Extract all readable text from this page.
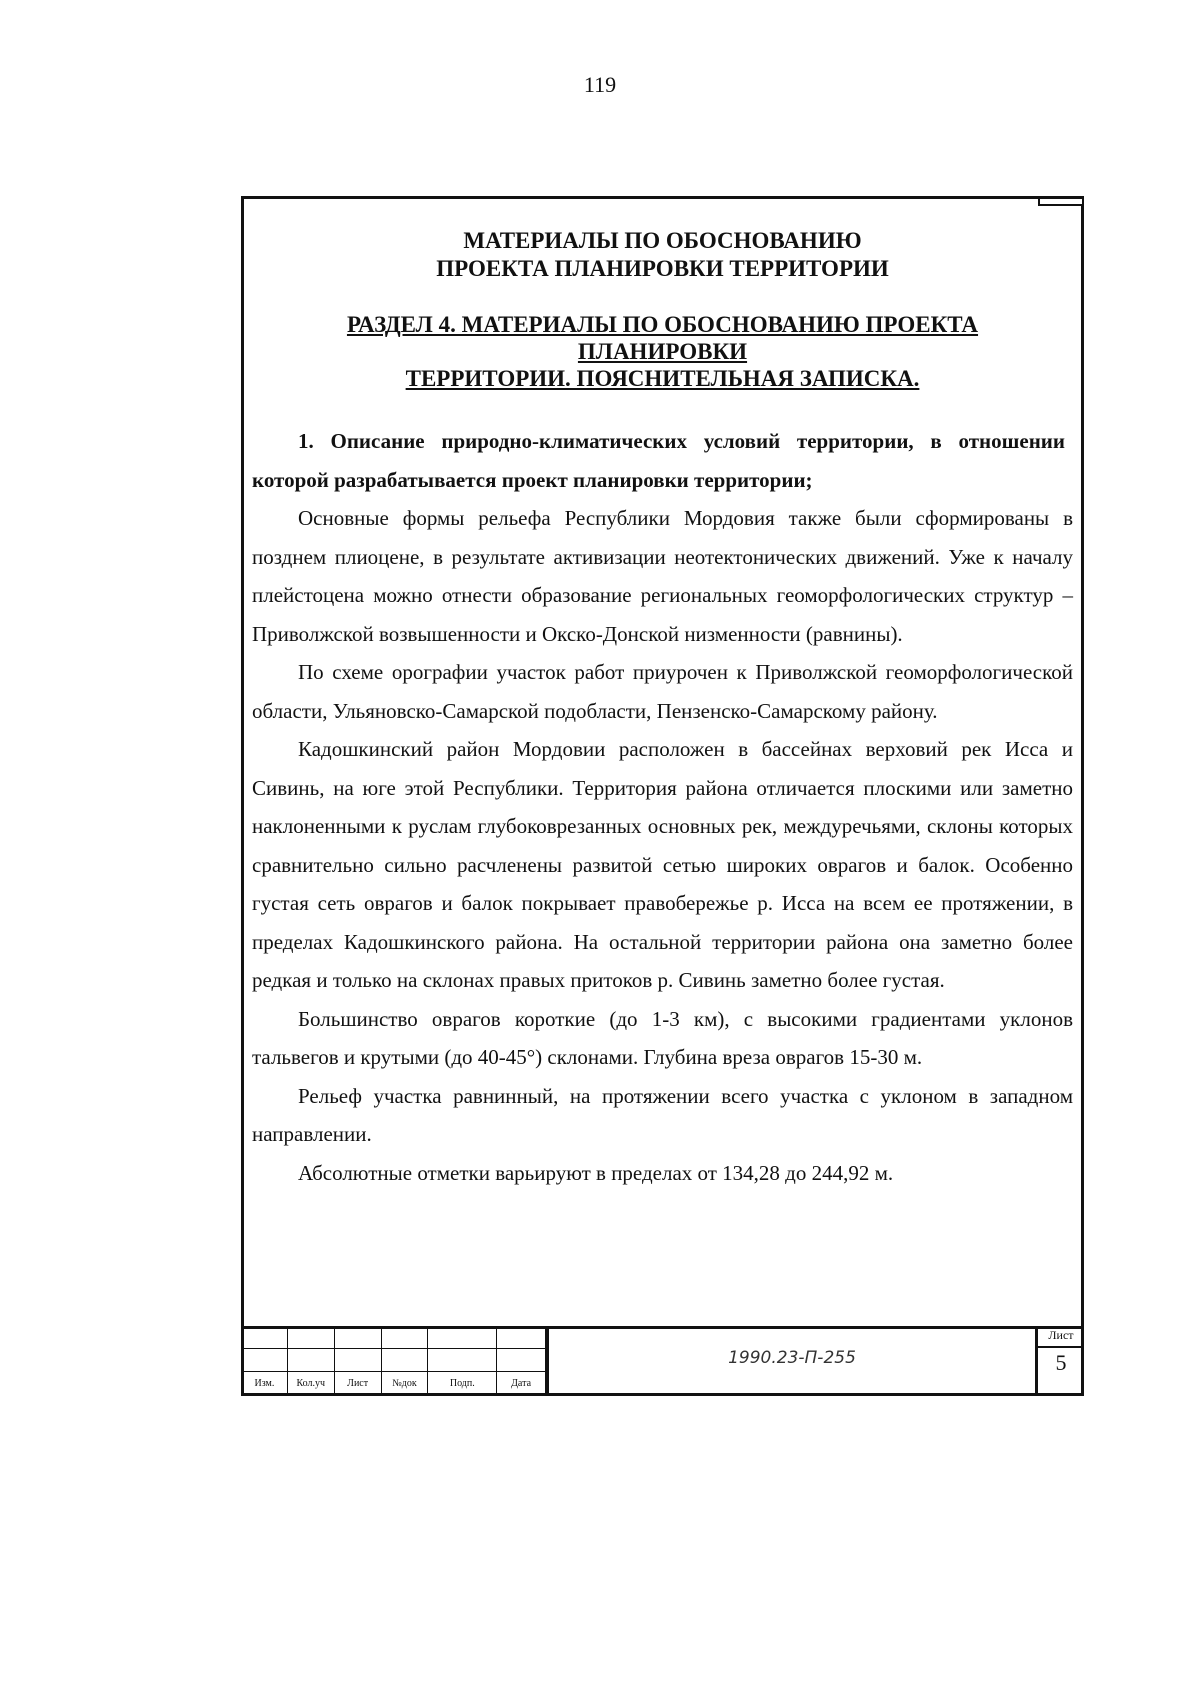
119
МАТЕРИАЛЫ ПО ОБОСНОВАНИЮ
ПРОЕКТА ПЛАНИРОВКИ ТЕРРИТОРИИ
РАЗДЕЛ 4. МАТЕРИАЛЫ ПО ОБОСНОВАНИЮ ПРОЕКТА ПЛАНИРОВКИ
ТЕРРИТОРИИ. ПОЯСНИТЕЛЬНАЯ ЗАПИСКА.

1. Описание природно-климатических условий территории, в отношении которой разрабатывается проект планировки территории;

Основные формы рельефа Республики Мордовия также были сформированы в позднем плиоцене, в результате активизации неотектонических движений. Уже к началу плейстоцена можно отнести образование региональных геоморфологических структур – Приволжской возвышенности и Окско-Донской низменности (равнины).

По схеме орографии участок работ приурочен к Приволжской геоморфологической области, Ульяновско-Самарской подобласти, Пензенско-Самарскому району.

Кадошкинский район Мордовии расположен в бассейнах верховий рек Исса и Сивинь, на юге этой Республики. Территория района отличается плоскими или заметно наклоненными к руслам глубоковрезанных основных рек, междуречьями, склоны которых сравнительно сильно расчленены развитой сетью широких оврагов и балок. Особенно густая сеть оврагов и балок покрывает правобережье р. Исса на всем ее протяжении, в пределах Кадошкинского района. На остальной территории района она заметно более редкая и только на склонах правых притоков р. Сивинь заметно более густая.

Большинство оврагов короткие (до 1-3 км), с высокими градиентами уклонов тальвегов и крутыми (до 40-45°) склонами. Глубина вреза оврагов 15-30 м.

Рельеф участка равнинный, на протяжении всего участка с уклоном в западном направлении.

Абсолютные отметки варьируют в пределах от 134,28 до 244,92 м.

Изм.	Кол.уч	Лист	№док	Подп.	Дата
1990.23-П-255
Лист
5
